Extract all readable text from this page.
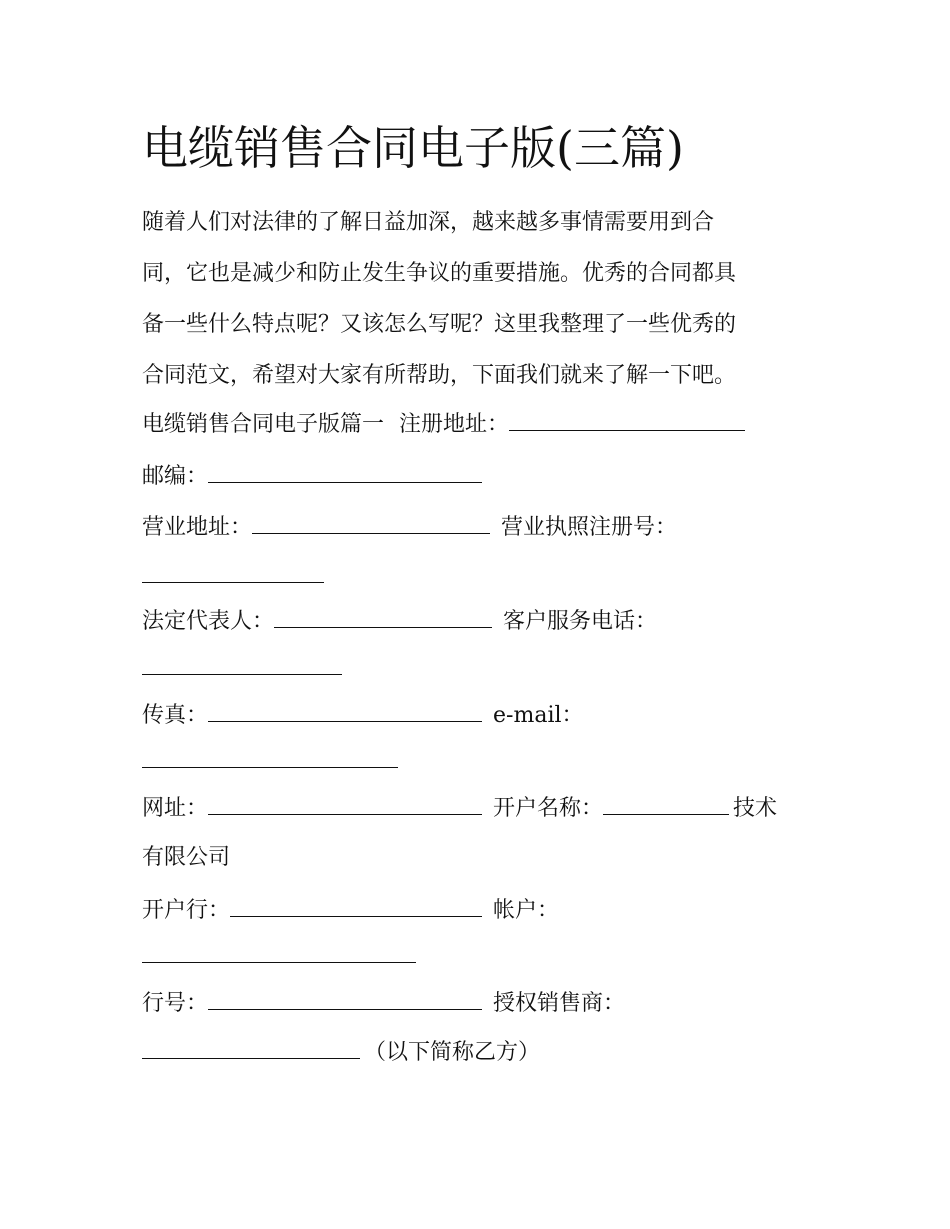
电缆销售合同电子版(三篇)
随着人们对法律的了解日益加深，越来越多事情需要用到合
同，它也是减少和防止发生争议的重要措施。优秀的合同都具
备一些什么特点呢？又该怎么写呢？这里我整理了一些优秀的
合同范文，希望对大家有所帮助，下面我们就来了解一下吧。
电缆销售合同电子版篇一 注册地址：
邮编：
营业地址：	营业执照注册号：
法定代表人：	客户服务电话：
传真：	e-mail：
网址：	开户名称：	技术
有限公司
开户行：	帐户：
行号：	授权销售商：
（以下简称乙方）
